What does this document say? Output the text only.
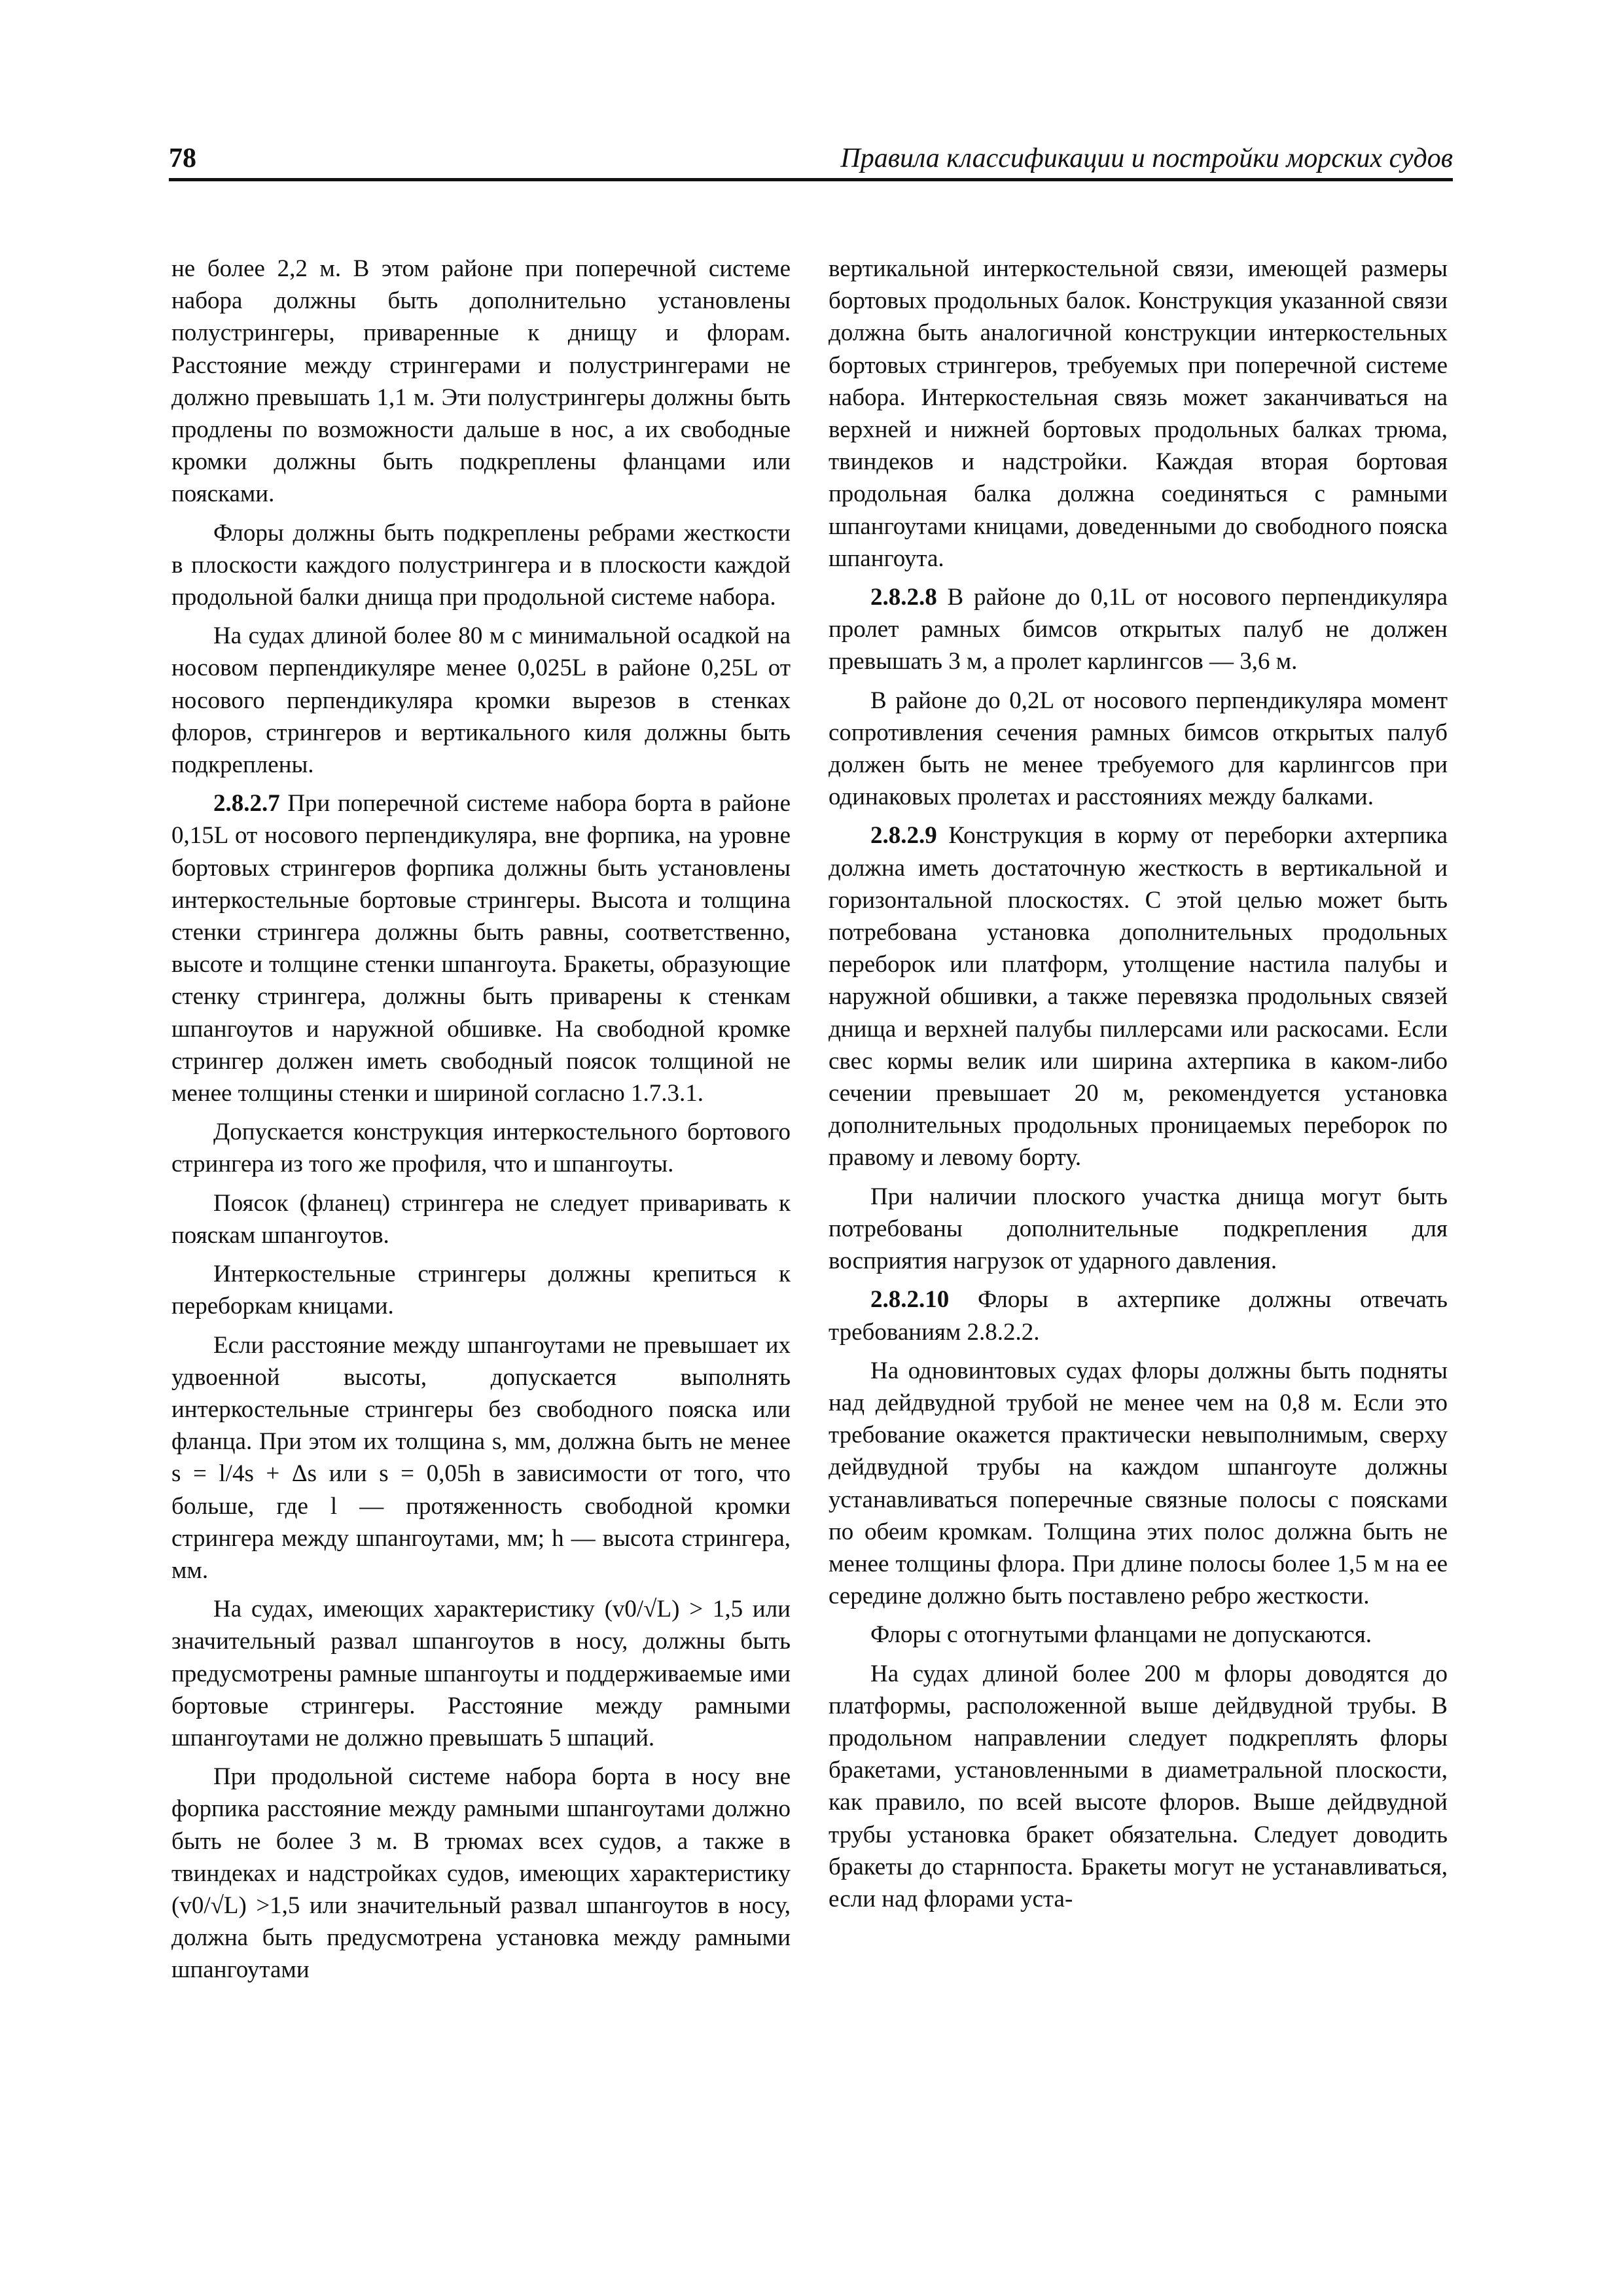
78	Правила классификации и постройки морских судов

не более 2,2 м. В этом районе при поперечной системе набора должны быть дополнительно установлены полустрингеры, приваренные к днищу и флорам. Расстояние между стрингерами и полустрингерами не должно превышать 1,1 м. Эти полустрингеры должны быть продлены по возможности дальше в нос, а их свободные кромки должны быть подкреплены фланцами или поясками.

Флоры должны быть подкреплены ребрами жесткости в плоскости каждого полустрингера и в плоскости каждой продольной балки днища при продольной системе набора.

На судах длиной более 80 м с минимальной осадкой на носовом перпендикуляре менее 0,025L в районе 0,25L от носового перпендикуляра кромки вырезов в стенках флоров, стрингеров и вертикального киля должны быть подкреплены.

2.8.2.7 При поперечной системе набора борта в районе 0,15L от носового перпендикуляра, вне форпика, на уровне бортовых стрингеров форпика должны быть установлены интеркостельные бортовые стрингеры. Высота и толщина стенки стрингера должны быть равны, соответственно, высоте и толщине стенки шпангоута. Бракеты, образующие стенку стрингера, должны быть приварены к стенкам шпангоутов и наружной обшивке. На свободной кромке стрингер должен иметь свободный поясок толщиной не менее толщины стенки и шириной согласно 1.7.3.1.

Допускается конструкция интеркостельного бортового стрингера из того же профиля, что и шпангоуты.

Поясок (фланец) стрингера не следует приваривать к пояскам шпангоутов.

Интеркостельные стрингеры должны крепиться к переборкам кницами.

Если расстояние между шпангоутами не превышает их удвоенной высоты, допускается выполнять интеркостельные стрингеры без свободного пояска или фланца. При этом их толщина s, мм, должна быть не менее s = l/4s + Δs или s = 0,05h в зависимости от того, что больше, где l — протяженность свободной кромки стрингера между шпангоутами, мм; h — высота стрингера, мм.

На судах, имеющих характеристику (v0/√L) > 1,5 или значительный развал шпангоутов в носу, должны быть предусмотрены рамные шпангоуты и поддерживаемые ими бортовые стрингеры. Расстояние между рамными шпангоутами не должно превышать 5 шпаций.

При продольной системе набора борта в носу вне форпика расстояние между рамными шпангоутами должно быть не более 3 м. В трюмах всех судов, а также в твиндеках и надстройках судов, имеющих характеристику (v0/√L) >1,5 или значительный развал шпангоутов в носу, должна быть предусмотрена установка между рамными шпангоутами

вертикальной интеркостельной связи, имеющей размеры бортовых продольных балок. Конструкция указанной связи должна быть аналогичной конструкции интеркостельных бортовых стрингеров, требуемых при поперечной системе набора. Интеркостельная связь может заканчиваться на верхней и нижней бортовых продольных балках трюма, твиндеков и надстройки. Каждая вторая бортовая продольная балка должна соединяться с рамными шпангоутами кницами, доведенными до свободного пояска шпангоута.

2.8.2.8 В районе до 0,1L от носового перпендикуляра пролет рамных бимсов открытых палуб не должен превышать 3 м, а пролет карлингсов — 3,6 м.

В районе до 0,2L от носового перпендикуляра момент сопротивления сечения рамных бимсов открытых палуб должен быть не менее требуемого для карлингсов при одинаковых пролетах и расстояниях между балками.

2.8.2.9 Конструкция в корму от переборки ахтерпика должна иметь достаточную жесткость в вертикальной и горизонтальной плоскостях. С этой целью может быть потребована установка дополнительных продольных переборок или платформ, утолщение настила палубы и наружной обшивки, а также перевязка продольных связей днища и верхней палубы пиллерсами или раскосами. Если свес кормы велик или ширина ахтерпика в каком-либо сечении превышает 20 м, рекомендуется установка дополнительных продольных проницаемых переборок по правому и левому борту.

При наличии плоского участка днища могут быть потребованы дополнительные подкрепления для восприятия нагрузок от ударного давления.

2.8.2.10 Флоры в ахтерпике должны отвечать требованиям 2.8.2.2.

На одновинтовых судах флоры должны быть подняты над дейдвудной трубой не менее чем на 0,8 м. Если это требование окажется практически невыполнимым, сверху дейдвудной трубы на каждом шпангоуте должны устанавливаться поперечные связные полосы с поясками по обеим кромкам. Толщина этих полос должна быть не менее толщины флора. При длине полосы более 1,5 м на ее середине должно быть поставлено ребро жесткости.

Флоры с отогнутыми фланцами не допускаются.

На судах длиной более 200 м флоры доводятся до платформы, расположенной выше дейдвудной трубы. В продольном направлении следует подкреплять флоры бракетами, установленными в диаметральной плоскости, как правило, по всей высоте флоров. Выше дейдвудной трубы установка бракет обязательна. Следует доводить бракеты до старнпоста. Бракеты могут не устанавливаться, если над флорами уста-
